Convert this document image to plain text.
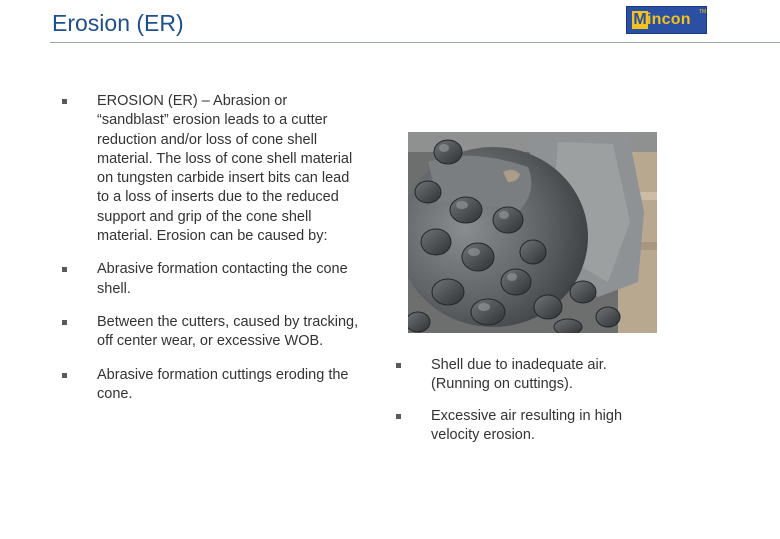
Erosion (ER)	M incon TM
EROSION (ER) – Abrasion or “sandblast” erosion leads to a cutter reduction and/or loss of cone shell material. The loss of cone shell material on tungsten carbide insert bits can lead to a loss of inserts due to the reduced support and grip of the cone shell material. Erosion can be caused by:
Abrasive formation contacting the cone shell.
Between the cutters, caused by tracking, off center wear, or excessive WOB.
Abrasive formation cuttings eroding the cone.
Shell due to inadequate air. (Running on cuttings).
Excessive air resulting in high velocity erosion.
